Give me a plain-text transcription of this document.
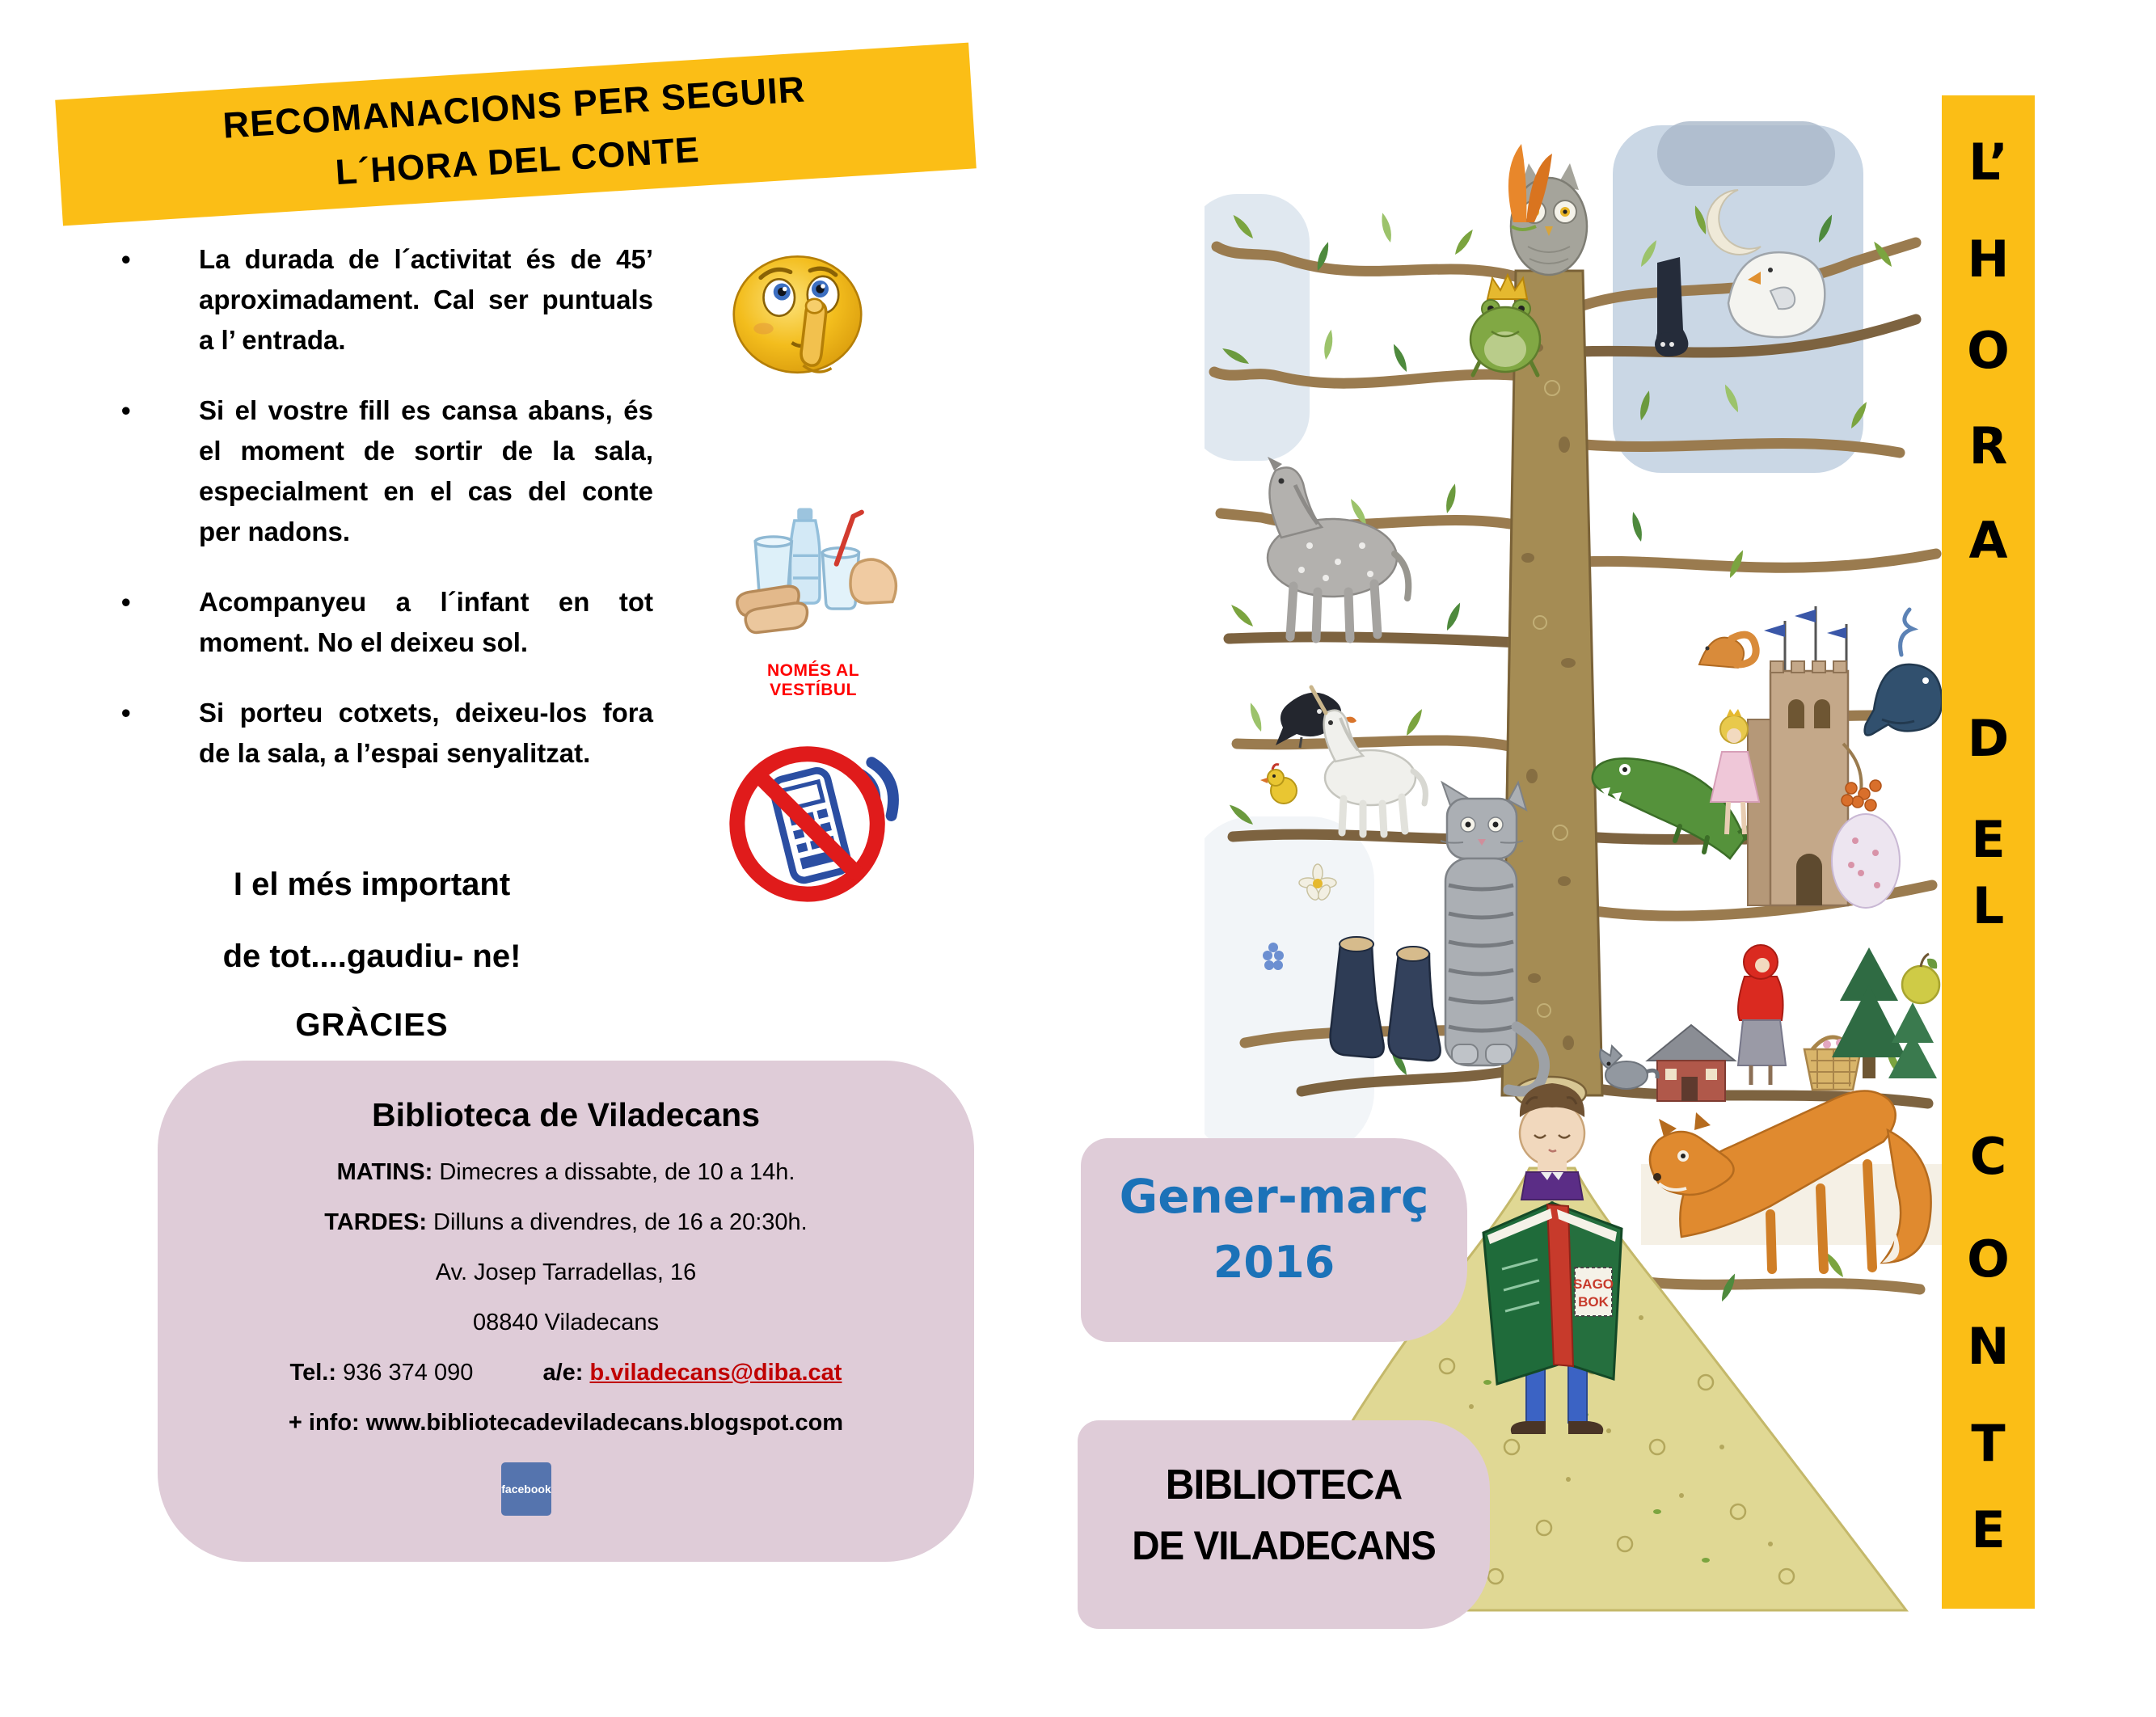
RECOMANACIONS PER SEGUIR
L´HORA DEL CONTE
•	La durada de l´activitat és de 45’ aproximadament. Cal ser puntuals a l’ entrada.
•	Si el vostre fill es cansa abans, és el moment de sortir de la sala, especialment en el cas del conte per nadons.
•	Acompanyeu a l´infant en tot moment. No el deixeu sol.
•	Si porteu cotxets, deixeu-los fora de la sala, a l’espai senyalitzat.
NOMÉS AL VESTÍBUL

I el més important

de tot....gaudiu- ne!

GRÀCIES

Biblioteca de Viladecans
MATINS: Dimecres a dissabte, de 10 a 14h.
TARDES: Dilluns a divendres, de 16 a 20:30h.
Av. Josep Tarradellas, 16
08840 Viladecans
Tel.: 936 374 090	a/e: b.viladecans@diba.cat
+ info: www.bibliotecadeviladecans.blogspot.com
facebook
SAGO
BOK

Gener-març

2016

BIBLIOTECA

DE VILADECANS

L’
H
O
R
A
D
E
L
C
O
N
T
E
